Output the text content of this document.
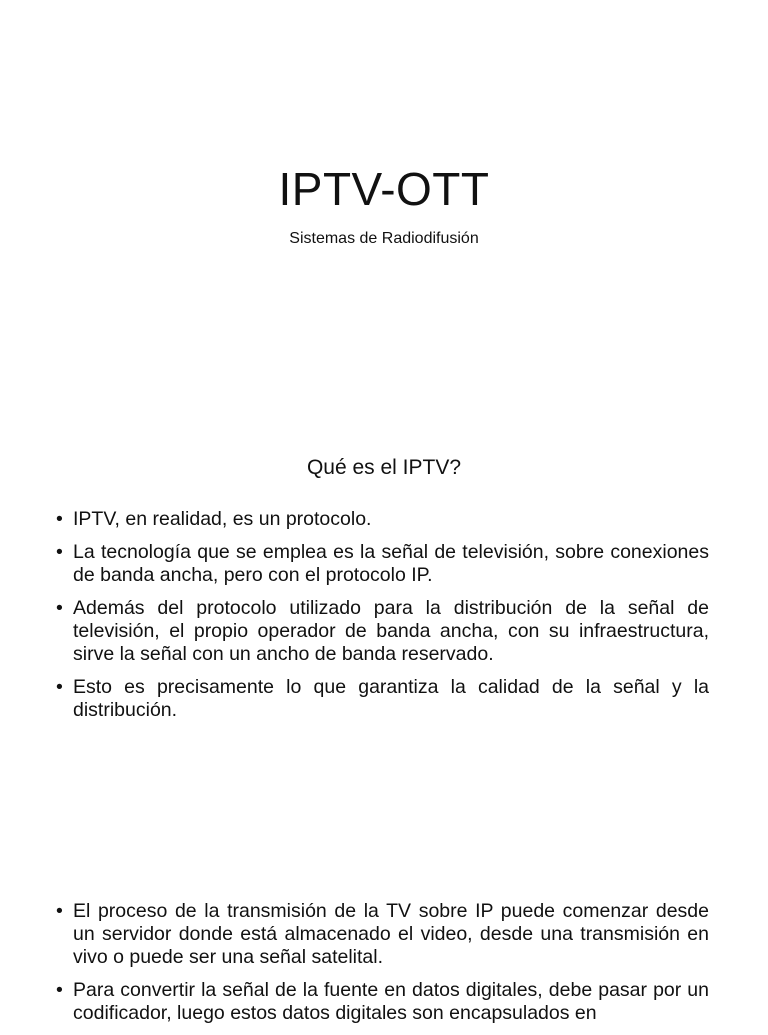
IPTV-OTT

Sistemas de Radiodifusión

Qué es el IPTV?
• IPTV, en realidad, es un protocolo.
• La tecnología que se emplea es la señal de televisión, sobre conexiones de banda ancha, pero con el protocolo IP.
• Además del protocolo utilizado para la distribución de la señal de televisión, el propio operador de banda ancha, con su infraestructura, sirve la señal con un ancho de banda reservado.
• Esto es precisamente lo que garantiza la calidad de la señal y la distribución.
• El proceso de la transmisión de la TV sobre IP puede comenzar desde un servidor donde está almacenado el video, desde una transmisión en vivo o puede ser una señal satelital.
• Para convertir la señal de la fuente en datos digitales, debe pasar por un codificador, luego estos datos digitales son encapsulados en
